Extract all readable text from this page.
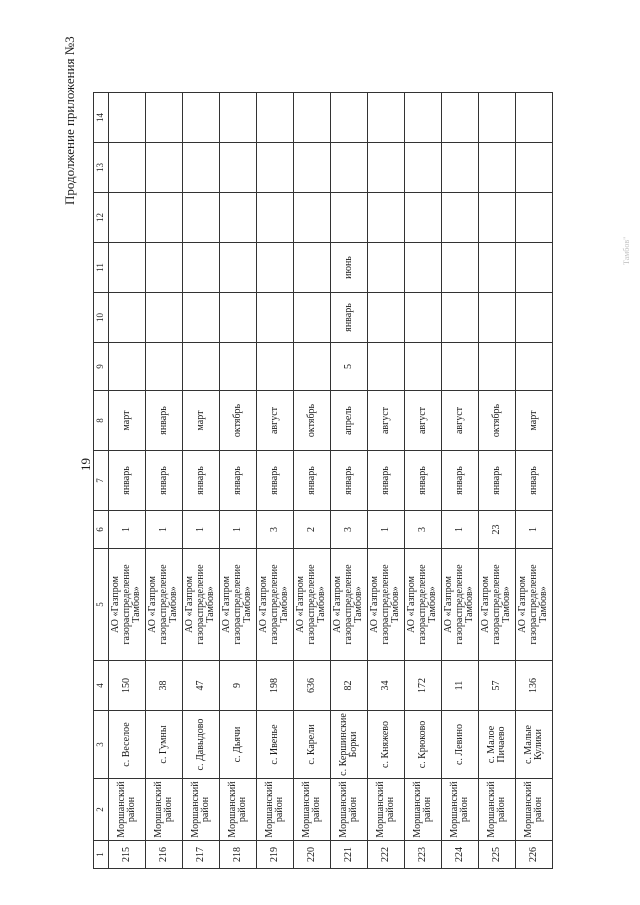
Тамбов"
19
Продолжение приложения №3
1	2	3	4	5	6	7	8	9	10	11	12	13	14
215	Моршанский район	с. Веселое	150	АО «Газпром газораспределение Тамбов»	1	январь	март						
216	Моршанский район	с. Гумны	38	АО «Газпром газораспределение Тамбов»	1	январь	январь						
217	Моршанский район	с. Давыдово	47	АО «Газпром газораспределение Тамбов»	1	январь	март						
218	Моршанский район	с. Дьячи	9	АО «Газпром газораспределение Тамбов»	1	январь	октябрь						
219	Моршанский район	с. Ивенье	198	АО «Газпром газораспределение Тамбов»	3	январь	август						
220	Моршанский район	с. Карели	636	АО «Газпром газораспределение Тамбов»	2	январь	октябрь						
221	Моршанский район	с. Кершинские Борки	82	АО «Газпром газораспределение Тамбов»	3	январь	апрель	5	январь	июнь			
222	Моршанский район	с. Княжево	34	АО «Газпром газораспределение Тамбов»	1	январь	август						
223	Моршанский район	с. Крюково	172	АО «Газпром газораспределение Тамбов»	3	январь	август						
224	Моршанский район	с. Левино	11	АО «Газпром газораспределение Тамбов»	1	январь	август						
225	Моршанский район	с. Малое Пичаево	57	АО «Газпром газораспределение Тамбов»	23	январь	октябрь						
226	Моршанский район	с. Малые Кулики	136	АО «Газпром газораспределение Тамбов»	1	январь	март						
